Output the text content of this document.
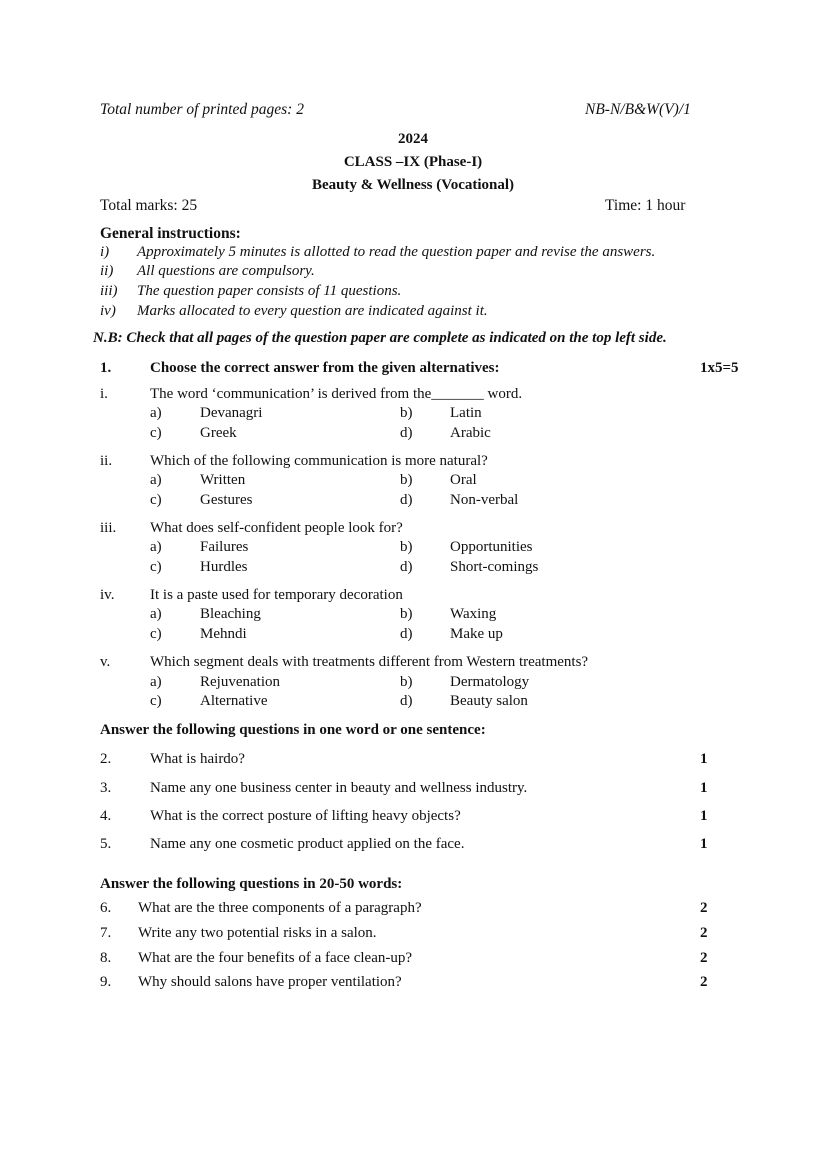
Total number of printed pages: 2	NB-N/B&W(V)/1
2024
CLASS –IX (Phase-I)
Beauty & Wellness (Vocational)
Total marks: 25	Time: 1 hour
General instructions:
i) Approximately 5 minutes is allotted to read the question paper and revise the answers.
ii) All questions are compulsory.
iii) The question paper consists of 11 questions.
iv) Marks allocated to every question are indicated against it.
N.B: Check that all pages of the question paper are complete as indicated on the top left side.
1.	Choose the correct answer from the given alternatives:	1x5=5
i.	The word ‘communication’ is derived from the_______ word.
a)	Devanagri	b)	Latin
c)	Greek	d)	Arabic
ii.	Which of the following communication is more natural?
a)	Written	b)	Oral
c)	Gestures	d)	Non-verbal
iii. What does self-confident people look for?
a)	Failures	b)	Opportunities
c)	Hurdles	d)	Short-comings
iv. It is a paste used for temporary decoration
a)	Bleaching	b)	Waxing
c)	Mehndi	d)	Make up
v.	Which segment deals with treatments different from Western treatments?
a)	Rejuvenation	b)	Dermatology
c)	Alternative	d)	Beauty salon
Answer the following questions in one word or one sentence:
2.	What is hairdo?	1
3.	Name any one business center in beauty and wellness industry.	1
4.	What is the correct posture of lifting heavy objects?	1
5.	Name any one cosmetic product applied on the face.	1
Answer the following questions in 20-50 words:
6. What are the three components of a paragraph?	2
7. Write any two potential risks in a salon.	2
8. What are the four benefits of a face clean-up?	2
9. Why should salons have proper ventilation?	2
